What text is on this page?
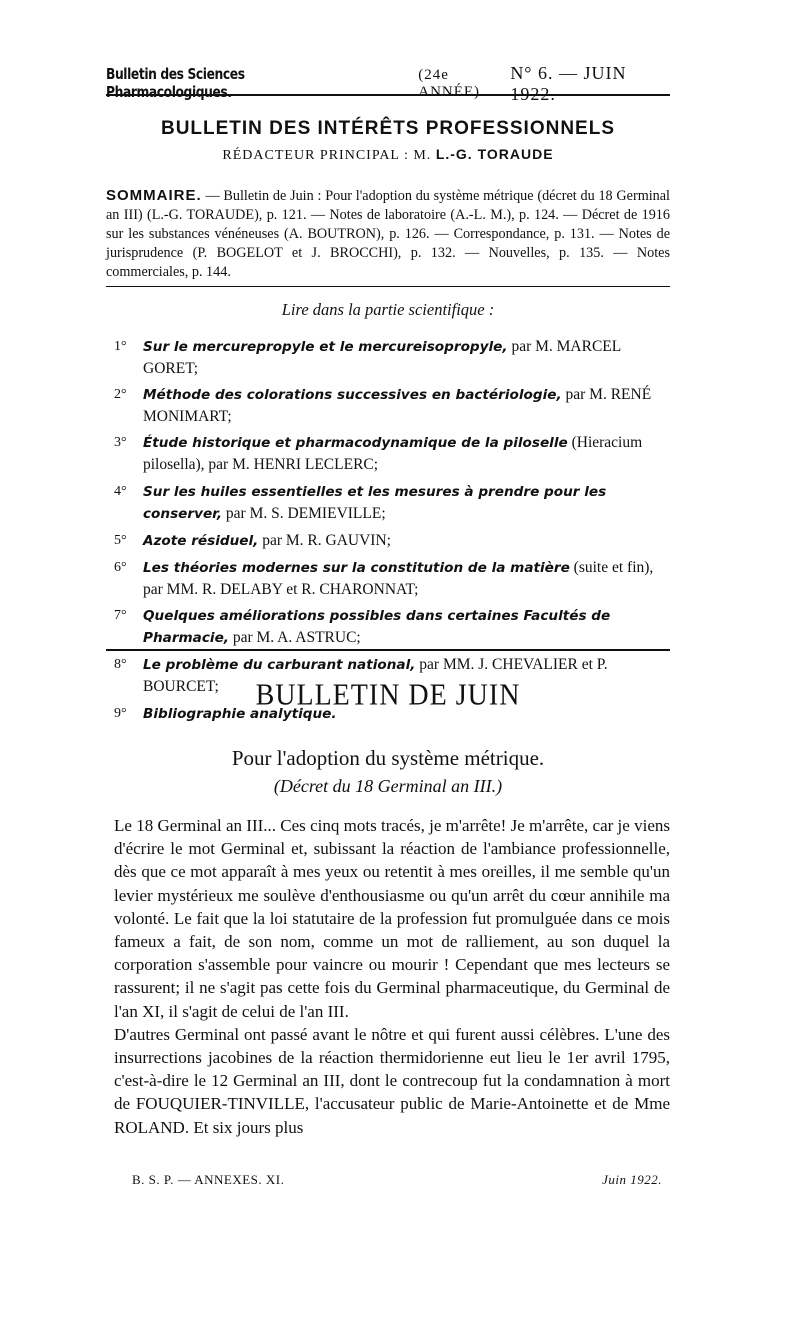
Bulletin des Sciences Pharmacologiques.
(24e ANNÉE)
N° 6. — JUIN 1922.
BULLETIN DES INTÉRÊTS PROFESSIONNELS
RÉDACTEUR PRINCIPAL : M. L.-G. TORAUDE
SOMMAIRE. — Bulletin de Juin : Pour l'adoption du système métrique (décret du 18 Germinal an III) (L.-G. TORAUDE), p. 121. — Notes de laboratoire (A.-L. M.), p. 124. — Décret de 1916 sur les substances vénéneuses (A. BOUTRON), p. 126. — Correspondance, p. 131. — Notes de jurisprudence (P. BOGELOT et J. BROCCHI), p. 132. — Nouvelles, p. 135. — Notes commerciales, p. 144.
Lire dans la partie scientifique :
1° Sur le mercurepropyle et le mercureisopropyle, par M. MARCEL GORET;
2° Méthode des colorations successives en bactériologie, par M. RENÉ MONIMART;
3° Étude historique et pharmacodynamique de la piloselle (Hieracium pilosella), par M. HENRI LECLERC;
4° Sur les huiles essentielles et les mesures à prendre pour les conserver, par M. S. DEMIEVILLE;
5° Azote résiduel, par M. R. GAUVIN;
6° Les théories modernes sur la constitution de la matière (suite et fin), par MM. R. DELABY et R. CHARONNAT;
7° Quelques améliorations possibles dans certaines Facultés de Pharmacie, par M. A. ASTRUC;
8° Le problème du carburant national, par MM. J. CHEVALIER et P. BOURCET;
9° Bibliographie analytique.
BULLETIN DE JUIN
Pour l'adoption du système métrique.
(Décret du 18 Germinal an III.)

Le 18 Germinal an III... Ces cinq mots tracés, je m'arrête! Je m'arrête, car je viens d'écrire le mot Germinal et, subissant la réaction de l'ambiance professionnelle, dès que ce mot apparaît à mes yeux ou retentit à mes oreilles, il me semble qu'un levier mystérieux me soulève d'enthousiasme ou qu'un arrêt du cœur annihile ma volonté. Le fait que la loi statutaire de la profession fut promulguée dans ce mois fameux a fait, de son nom, comme un mot de ralliement, au son duquel la corporation s'assemble pour vaincre ou mourir ! Cependant que mes lecteurs se rassurent; il ne s'agit pas cette fois du Germinal pharmaceutique, du Germinal de l'an XI, il s'agit de celui de l'an III.

D'autres Germinal ont passé avant le nôtre et qui furent aussi célèbres. L'une des insurrections jacobines de la réaction thermidorienne eut lieu le 1er avril 1795, c'est-à-dire le 12 Germinal an III, dont le contrecoup fut la condamnation à mort de FOUQUIER-TINVILLE, l'accusateur public de Marie-Antoinette et de Mme ROLAND. Et six jours plus

B. S. P. — ANNEXES. XI.	Juin 1922.
